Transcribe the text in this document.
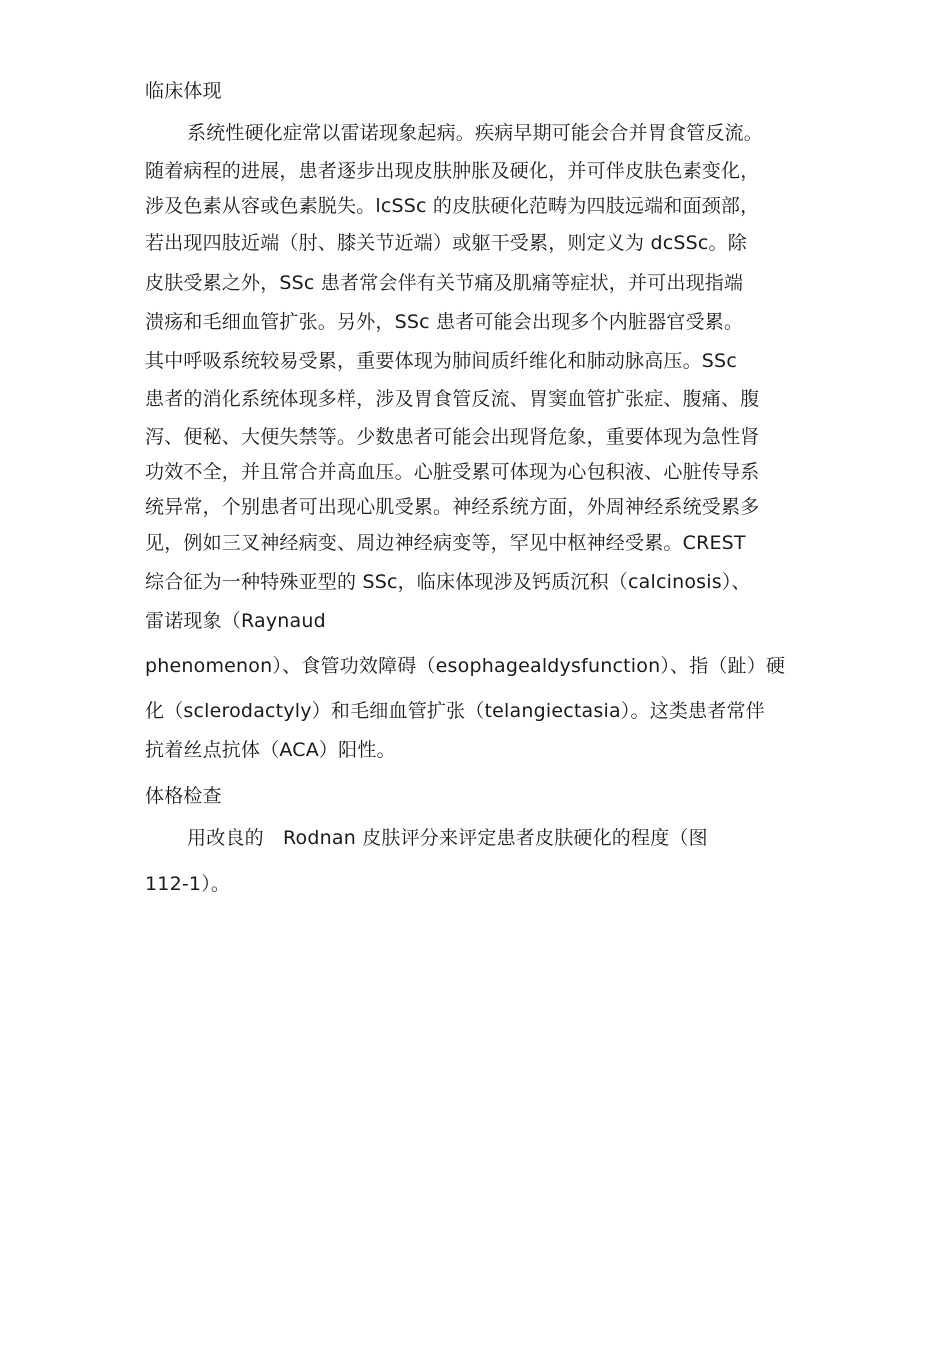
临床体现
系统性硬化症常以雷诺现象起病。疾病早期可能会合并胃食管反流。
随着病程的进展，患者逐步出现皮肤肿胀及硬化，并可伴皮肤色素变化，
涉及色素从容或色素脱失。lcSSc 的皮肤硬化范畴为四肢远端和面颈部，
若出现四肢近端（肘、膝关节近端）或躯干受累，则定义为 dcSSc。除
皮肤受累之外，SSc 患者常会伴有关节痛及肌痛等症状，并可出现指端
溃疡和毛细血管扩张。另外，SSc 患者可能会出现多个内脏器官受累。
其中呼吸系统较易受累，重要体现为肺间质纤维化和肺动脉高压。SSc
患者的消化系统体现多样，涉及胃食管反流、胃窦血管扩张症、腹痛、腹
泻、便秘、大便失禁等。少数患者可能会出现肾危象，重要体现为急性肾
功效不全，并且常合并高血压。心脏受累可体现为心包积液、心脏传导系
统异常，个别患者可出现心肌受累。神经系统方面，外周神经系统受累多
见，例如三叉神经病变、周边神经病变等，罕见中枢神经受累。CREST
综合征为一种特殊亚型的 SSc，临床体现涉及钙质沉积（calcinosis）、
雷诺现象（Raynaud
phenomenon）、食管功效障碍（esophagealdysfunction）、指（趾）硬
化（sclerodactyly）和毛细血管扩张（telangiectasia）。这类患者常伴
抗着丝点抗体（ACA）阳性。
体格检查
用改良的　Rodnan 皮肤评分来评定患者皮肤硬化的程度（图
112-1）。
